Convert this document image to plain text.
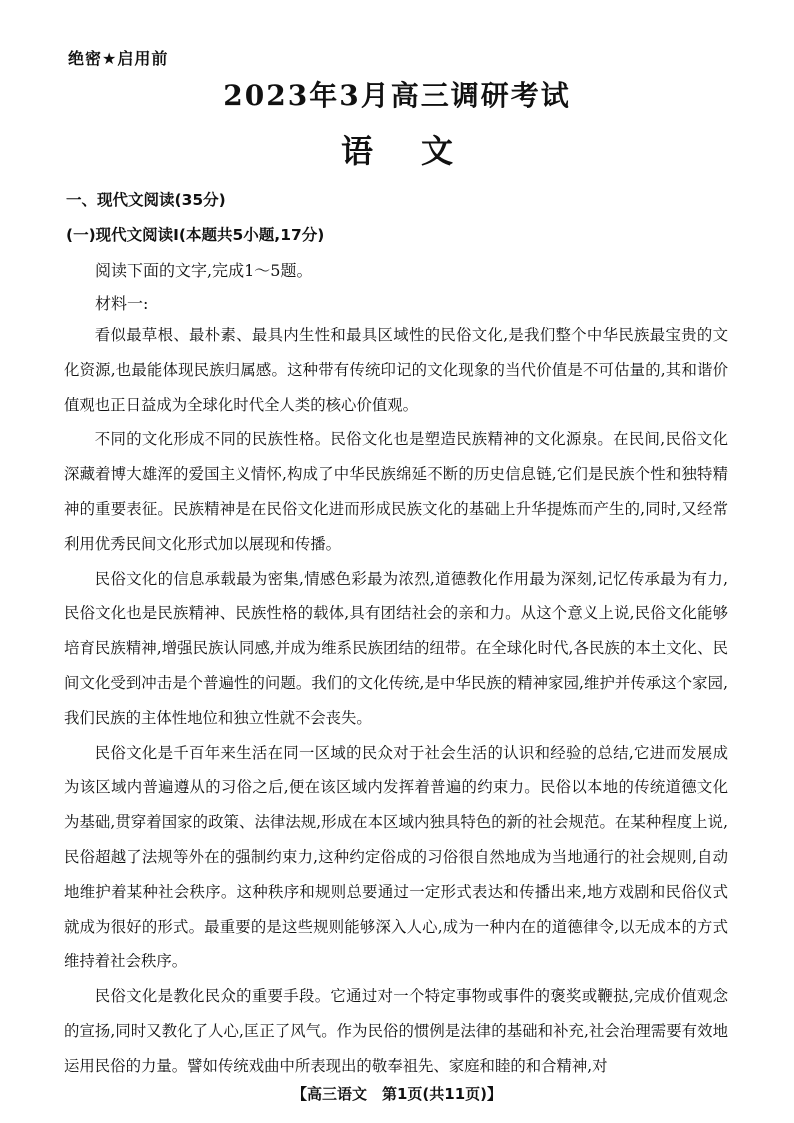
绝密★启用前
2023年3月高三调研考试
语 文
一、现代文阅读(35分)
(一)现代文阅读Ⅰ(本题共5小题,17分)
阅读下面的文字,完成1～5题。
材料一:

看似最草根、最朴素、最具内生性和最具区域性的民俗文化,是我们整个中华民族最宝贵的文化资源,也最能体现民族归属感。这种带有传统印记的文化现象的当代价值是不可估量的,其和谐价值观也正日益成为全球化时代全人类的核心价值观。

不同的文化形成不同的民族性格。民俗文化也是塑造民族精神的文化源泉。在民间,民俗文化深藏着博大雄浑的爱国主义情怀,构成了中华民族绵延不断的历史信息链,它们是民族个性和独特精神的重要表征。民族精神是在民俗文化进而形成民族文化的基础上升华提炼而产生的,同时,又经常利用优秀民间文化形式加以展现和传播。

民俗文化的信息承载最为密集,情感色彩最为浓烈,道德教化作用最为深刻,记忆传承最为有力,民俗文化也是民族精神、民族性格的载体,具有团结社会的亲和力。从这个意义上说,民俗文化能够培育民族精神,增强民族认同感,并成为维系民族团结的纽带。在全球化时代,各民族的本土文化、民间文化受到冲击是个普遍性的问题。我们的文化传统,是中华民族的精神家园,维护并传承这个家园,我们民族的主体性地位和独立性就不会丧失。

民俗文化是千百年来生活在同一区域的民众对于社会生活的认识和经验的总结,它进而发展成为该区域内普遍遵从的习俗之后,便在该区域内发挥着普遍的约束力。民俗以本地的传统道德文化为基础,贯穿着国家的政策、法律法规,形成在本区域内独具特色的新的社会规范。在某种程度上说,民俗超越了法规等外在的强制约束力,这种约定俗成的习俗很自然地成为当地通行的社会规则,自动地维护着某种社会秩序。这种秩序和规则总要通过一定形式表达和传播出来,地方戏剧和民俗仪式就成为很好的形式。最重要的是这些规则能够深入人心,成为一种内在的道德律令,以无成本的方式维持着社会秩序。

民俗文化是教化民众的重要手段。它通过对一个特定事物或事件的褒奖或鞭挞,完成价值观念的宣扬,同时又教化了人心,匡正了风气。作为民俗的惯例是法律的基础和补充,社会治理需要有效地运用民俗的力量。譬如传统戏曲中所表现出的敬奉祖先、家庭和睦的和合精神,对

【高三语文　第1页(共11页)】
